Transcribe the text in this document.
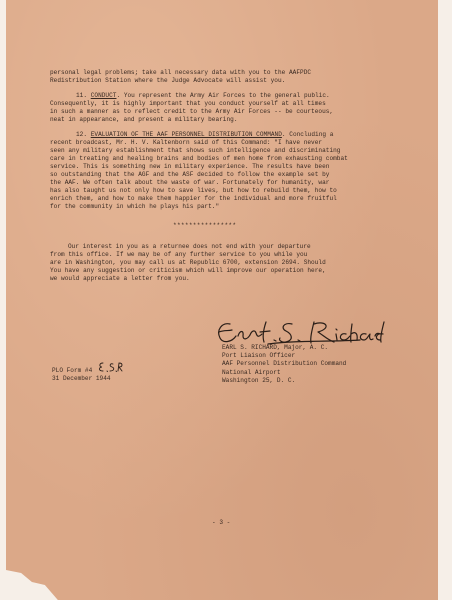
personal legal problems; take all necessary data with you to the AAFPDC
Redistribution Station where the Judge Advocate will assist you.
11. CONDUCT. You represent the Army Air Forces to the general public.
Consequently, it is highly important that you conduct yourself at all times
in such a manner as to reflect credit to the Army Air Forces -- be courteous,
neat in appearance, and present a military bearing.
12. EVALUATION OF THE AAF PERSONNEL DISTRIBUTION COMMAND. Concluding a
recent broadcast, Mr. H. V. Kaltenborn said of this Command: "I have never
seen any military establishment that shows such intelligence and discriminating
care in treating and healing brains and bodies of men home from exhausting combat
service. This is something new in military experience. The results have been
so outstanding that the AGF and the ASF decided to follow the example set by
the AAF. We often talk about the waste of war. Fortunately for humanity, war
has also taught us not only how to save lives, but how to rebuild them, how to
enrich them, and how to make them happier for the individual and more fruitful
for the community in which he plays his part."
****************
Our interest in you as a returnee does not end with your departure
from this office. If we may be of any further service to you while you
are in Washington, you may call us at Republic 6700, extension 2694. Should
You have any suggestion or criticism which will improve our operation here,
we would appreciate a letter from you.
EARL S. RICHARD, Major, A. C.
Port Liaison Officer
AAF Personnel Distribution Command
National Airport
Washington 25, D. C.
PLO Form #4
31 December 1944
- 3 -
